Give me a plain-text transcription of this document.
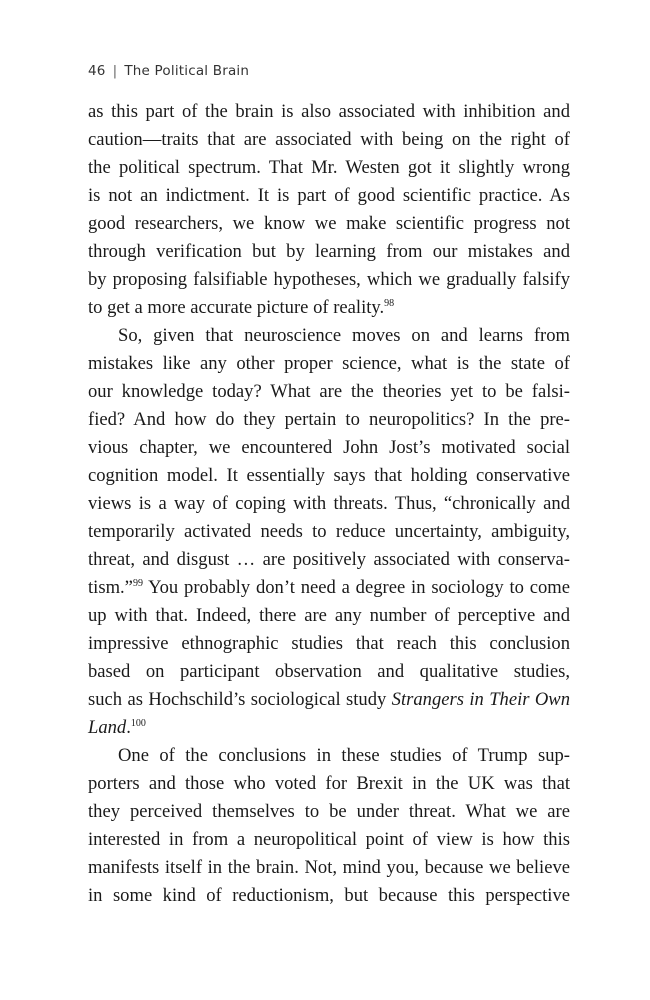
46 | The Political Brain
as this part of the brain is also associated with inhibition and
caution—traits that are associated with being on the right of
the political spectrum. That Mr. Westen got it slightly wrong
is not an indictment. It is part of good scientific practice. As
good researchers, we know we make scientific progress not
through verification but by learning from our mistakes and
by proposing falsifiable hypotheses, which we gradually falsify
to get a more accurate picture of reality.$^{98}$
So, given that neuroscience moves on and learns from
mistakes like any other proper science, what is the state of
our knowledge today? What are the theories yet to be falsi-
fied? And how do they pertain to neuropolitics? In the pre-
vious chapter, we encountered John Jost’s motivated social
cognition model. It essentially says that holding conservative
views is a way of coping with threats. Thus, “chronically and
temporarily activated needs to reduce uncertainty, ambiguity,
threat, and disgust … are positively associated with conserva-
tism.”$^{99}$ You probably don’t need a degree in sociology to come
up with that. Indeed, there are any number of perceptive and
impressive ethnographic studies that reach this conclusion
based on participant observation and qualitative studies,
such as Hochschild’s sociological study Strangers in Their Own
Land.$^{100}$
One of the conclusions in these studies of Trump sup-
porters and those who voted for Brexit in the UK was that
they perceived themselves to be under threat. What we are
interested in from a neuropolitical point of view is how this
manifests itself in the brain. Not, mind you, because we believe
in some kind of reductionism, but because this perspective
